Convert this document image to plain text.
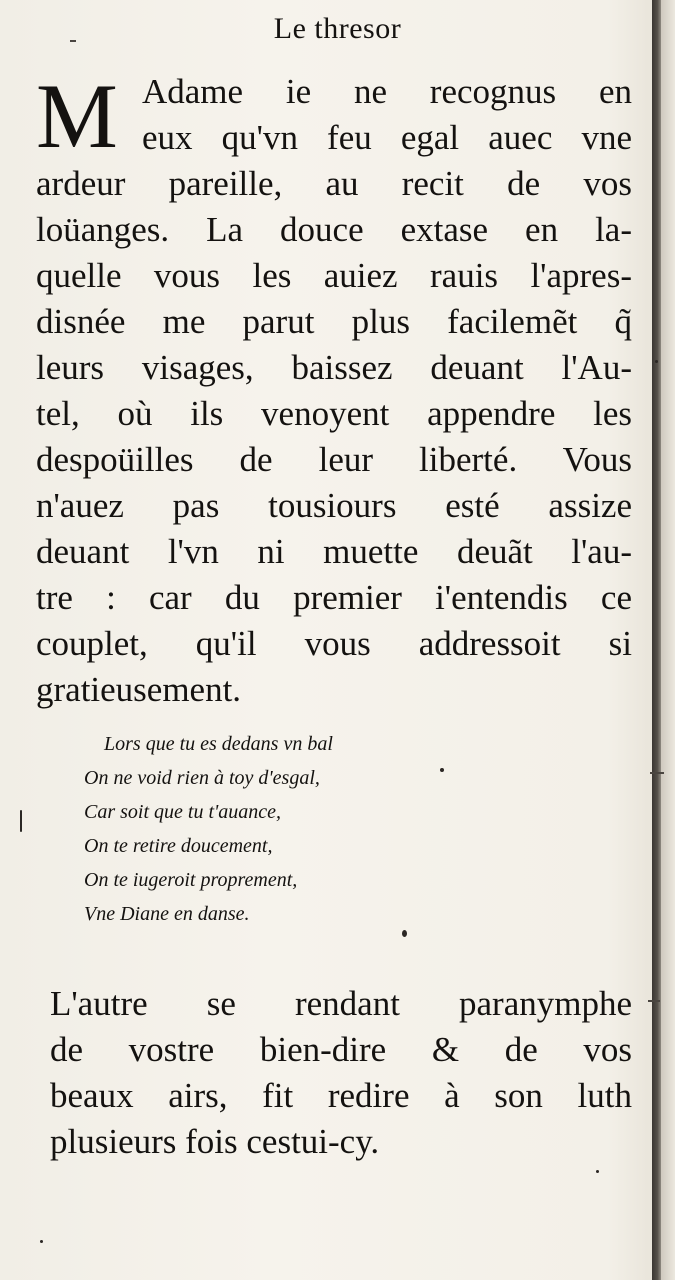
Le thresor
M Adame ie ne recognus en
eux qu'vn feu egal auec vne
ardeur pareille, au recit de vos
loüanges. La douce extase en la-
quelle vous les auiez rauis l'apres-
disnée me parut plus facilemẽt q̃
leurs visages, baissez deuant l'Au-
tel, où ils venoyent appendre les
despoüilles de leur liberté. Vous
n'auez pas tousiours esté assize
deuant l'vn ni muette deuãt l'au-
tre : car du premier i'entendis ce
couplet, qu'il vous addressoit si
gratieusement.
Lors que tu es dedans vn bal
On ne void rien à toy d'esgal,
Car soit que tu t'auance,
On te retire doucement,
On te iugeroit proprement,
Vne Diane en danse.
L'autre se rendant paranymphe
de vostre bien-dire & de vos
beaux airs, fit redire à son luth
plusieurs fois cestui-cy.
